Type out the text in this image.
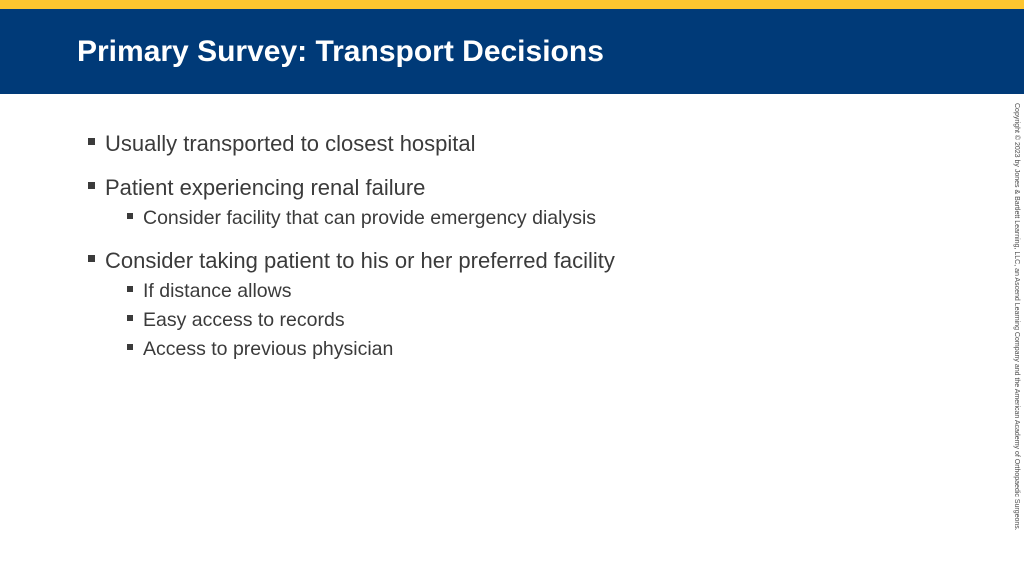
Primary Survey: Transport Decisions
Usually transported to closest hospital
Patient experiencing renal failure
Consider facility that can provide emergency dialysis
Consider taking patient to his or her preferred facility
If distance allows
Easy access to records
Access to previous physician	Copyright © 2023 by Jones & Bartlett Learning, LLC, an Ascend Learning Company and the American Academy of Orthopaedic Surgeons.
